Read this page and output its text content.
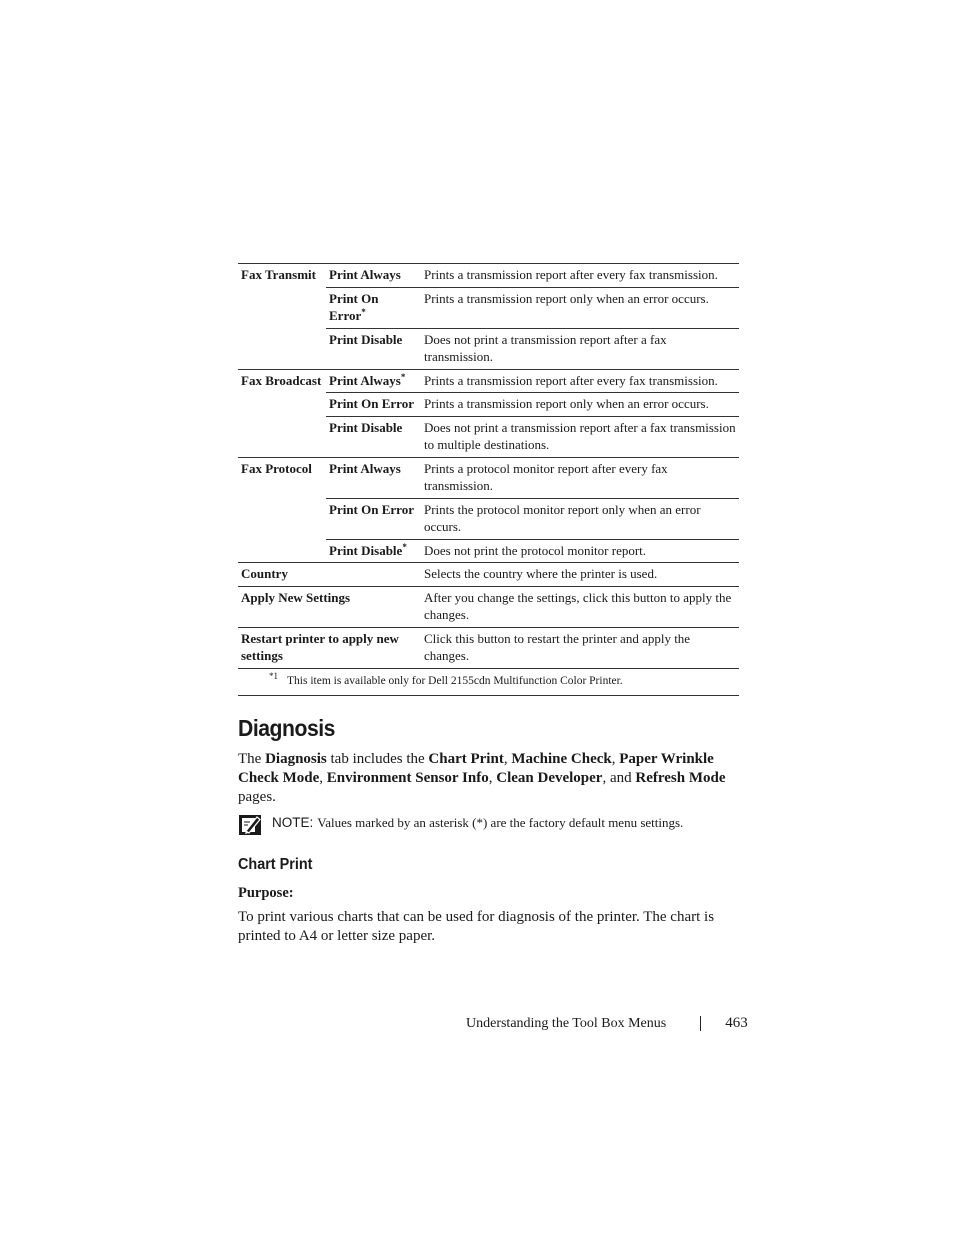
Fax Transmit	Print Always	Prints a transmission report after every fax transmission.
	Print On Error*	Prints a transmission report only when an error occurs.
	Print Disable	Does not print a transmission report after a fax transmission.
Fax Broadcast	Print Always*	Prints a transmission report after every fax transmission.
	Print On Error	Prints a transmission report only when an error occurs.
	Print Disable	Does not print a transmission report after a fax transmission to multiple destinations.
Fax Protocol	Print Always	Prints a protocol monitor report after every fax transmission.
	Print On Error	Prints the protocol monitor report only when an error occurs.
	Print Disable*	Does not print the protocol monitor report.
Country		Selects the country where the printer is used.
Apply New Settings		After you change the settings, click this button to apply the changes.
Restart printer to apply new settings		Click this button to restart the printer and apply the changes.
$^{*1}$ This item is available only for Dell 2155cdn Multifunction Color Printer.		
Diagnosis

The Diagnosis tab includes the Chart Print, Machine Check, Paper Wrinkle Check Mode, Environment Sensor Info, Clean Developer, and Refresh Mode pages.

NOTE: Values marked by an asterisk (*) are the factory default menu settings.
Chart Print
Purpose:

To print various charts that can be used for diagnosis of the printer. The chart is printed to A4 or letter size paper.

Understanding the Tool Box Menus	463
